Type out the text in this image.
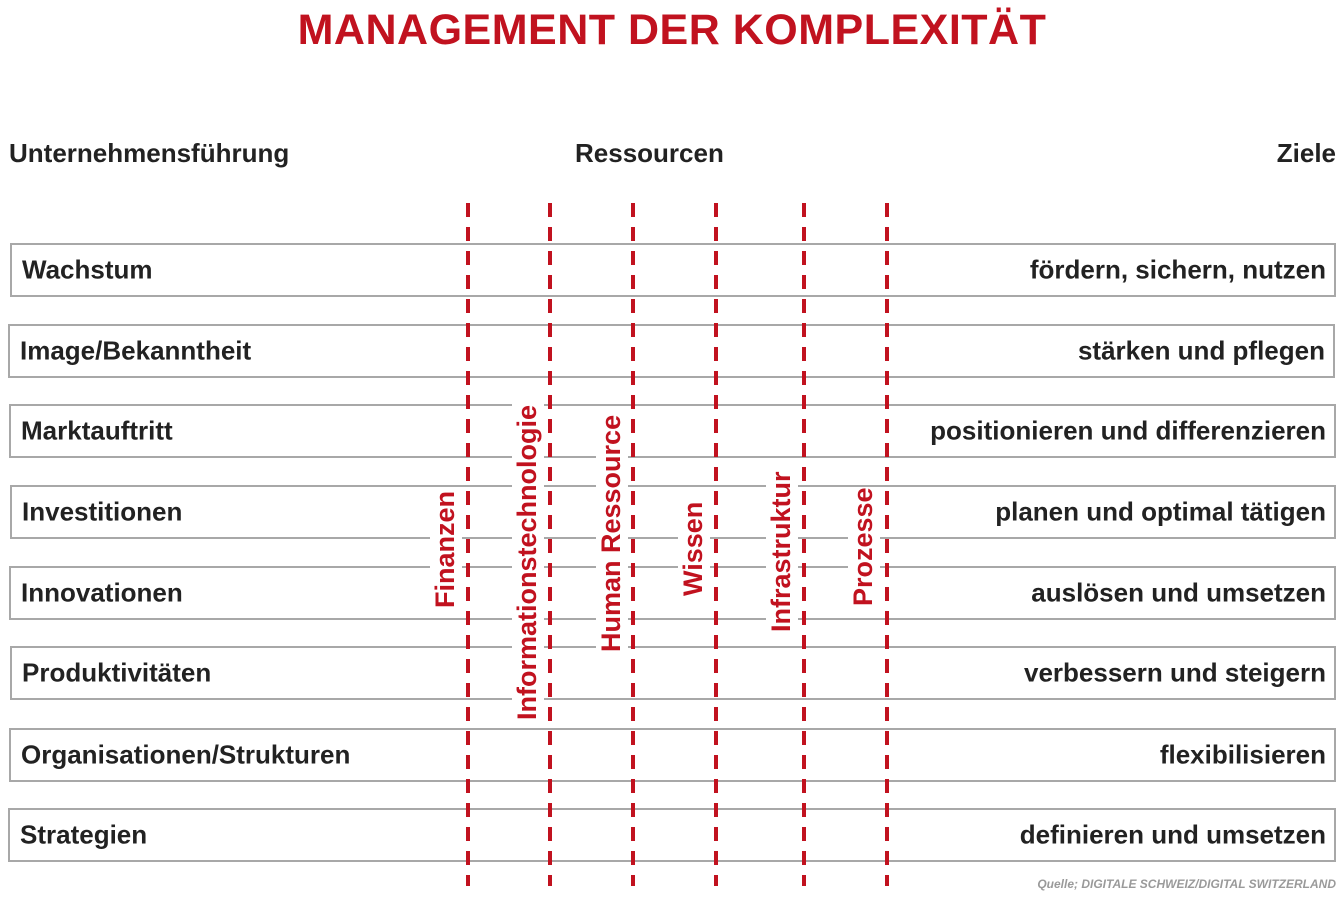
MANAGEMENT DER KOMPLEXITÄT
Unternehmensführung	Ressourcen	Ziele
Wachstum	fördern, sichern, nutzen
Image/Bekanntheit	stärken und pflegen
Marktauftritt	positionieren und differenzieren
Investitionen	planen und optimal tätigen
Innovationen	auslösen und umsetzen
Produktivitäten	verbessern und steigern
Organisationen/Strukturen	flexibilisieren
Strategien	definieren und umsetzen
Finanzen Informationstechnologie Human Ressource Wissen Infrastruktur Prozesse
Quelle; DIGITALE SCHWEIZ/DIGITAL SWITZERLAND
